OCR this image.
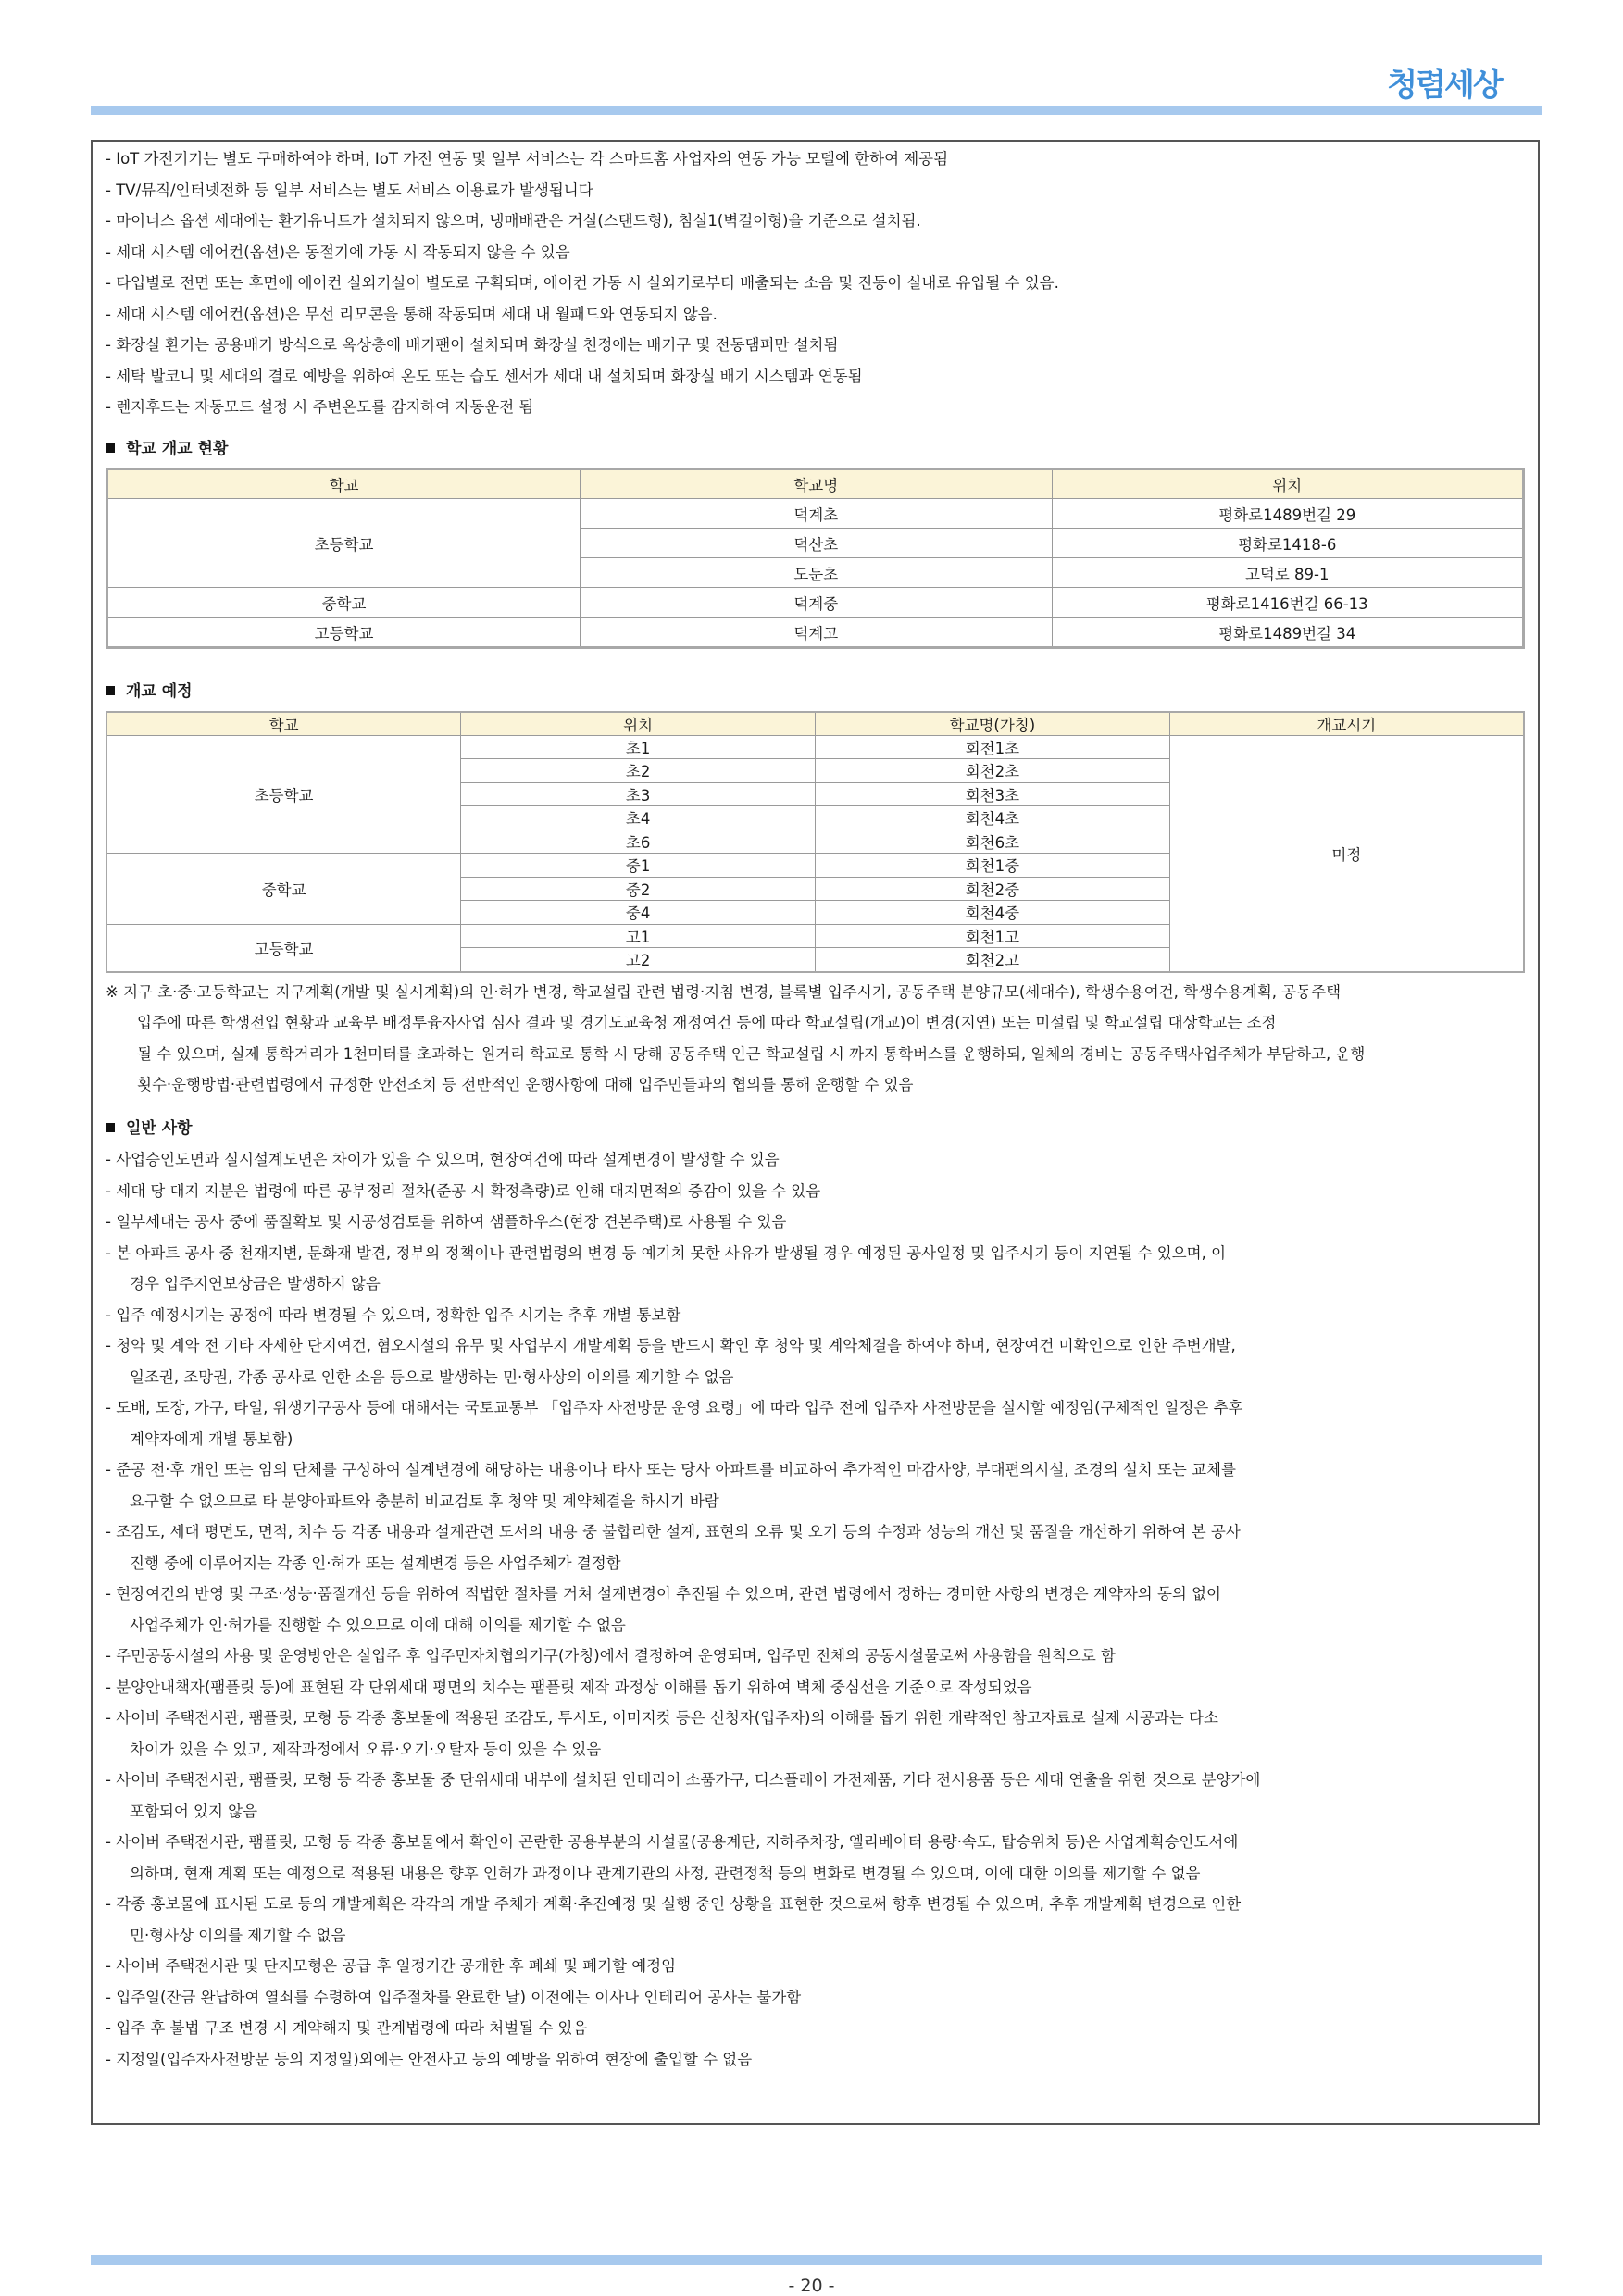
청렴세상
- IoT 가전기기는 별도 구매하여야 하며, IoT 가전 연동 및 일부 서비스는 각 스마트홈 사업자의 연동 가능 모델에 한하여 제공됨
- TV/뮤직/인터넷전화 등 일부 서비스는 별도 서비스 이용료가 발생됩니다
- 마이너스 옵션 세대에는 환기유니트가 설치되지 않으며, 냉매배관은 거실(스탠드형), 침실1(벽걸이형)을 기준으로 설치됨.
- 세대 시스템 에어컨(옵션)은 동절기에 가동 시 작동되지 않을 수 있음
- 타입별로 전면 또는 후면에 에어컨 실외기실이 별도로 구획되며, 에어컨 가동 시 실외기로부터 배출되는 소음 및 진동이 실내로 유입될 수 있음.
- 세대 시스템 에어컨(옵션)은 무선 리모콘을 통해 작동되며 세대 내 월패드와 연동되지 않음.
- 화장실 환기는 공용배기 방식으로 옥상층에 배기팬이 설치되며 화장실 천정에는 배기구 및 전동댐퍼만 설치됨
- 세탁 발코니 및 세대의 결로 예방을 위하여 온도 또는 습도 센서가 세대 내 설치되며 화장실 배기 시스템과 연동됨
- 렌지후드는 자동모드 설정 시 주변온도를 감지하여 자동운전 됨
학교 개교 현황
학교	학교명	위치
초등학교	덕계초	평화로1489번길 29
	덕산초	평화로1418-6
	도둔초	고덕로 89-1
중학교	덕계중	평화로1416번길 66-13
고등학교	덕계고	평화로1489번길 34
개교 예정
학교	위치	학교명(가칭)	개교시기
초등학교	초1	회천1초	미정
	초2	회천2초	
	초3	회천3초	
	초4	회천4초	
	초6	회천6초	
중학교	중1	회천1중	
	중2	회천2중	
	중4	회천4중	
고등학교	고1	회천1고	
	고2	회천2고	
※ 지구 초·중·고등학교는 지구계획(개발 및 실시계획)의 인·허가 변경, 학교설립 관련 법령·지침 변경, 블록별 입주시기, 공동주택 분양규모(세대수), 학생수용여건, 학생수용계획, 공동주택
입주에 따른 학생전입 현황과 교육부 배정투융자사업 심사 결과 및 경기도교육청 재정여건 등에 따라 학교설립(개교)이 변경(지연) 또는 미설립 및 학교설립 대상학교는 조정
될 수 있으며, 실제 통학거리가 1천미터를 초과하는 원거리 학교로 통학 시 당해 공동주택 인근 학교설립 시 까지 통학버스를 운행하되, 일체의 경비는 공동주택사업주체가 부담하고, 운행
횟수·운행방법·관련법령에서 규정한 안전조치 등 전반적인 운행사항에 대해 입주민들과의 협의를 통해 운행할 수 있음
일반 사항
- 사업승인도면과 실시설계도면은 차이가 있을 수 있으며, 현장여건에 따라 설계변경이 발생할 수 있음
- 세대 당 대지 지분은 법령에 따른 공부정리 절차(준공 시 확정측량)로 인해 대지면적의 증감이 있을 수 있음
- 일부세대는 공사 중에 품질확보 및 시공성검토를 위하여 샘플하우스(현장 견본주택)로 사용될 수 있음
- 본 아파트 공사 중 천재지변, 문화재 발견, 정부의 정책이나 관련법령의 변경 등 예기치 못한 사유가 발생될 경우 예정된 공사일정 및 입주시기 등이 지연될 수 있으며, 이
경우 입주지연보상금은 발생하지 않음
- 입주 예정시기는 공정에 따라 변경될 수 있으며, 정확한 입주 시기는 추후 개별 통보함
- 청약 및 계약 전 기타 자세한 단지여건, 혐오시설의 유무 및 사업부지 개발계획 등을 반드시 확인 후 청약 및 계약체결을 하여야 하며, 현장여건 미확인으로 인한 주변개발,
일조권, 조망권, 각종 공사로 인한 소음 등으로 발생하는 민·형사상의 이의를 제기할 수 없음
- 도배, 도장, 가구, 타일, 위생기구공사 등에 대해서는 국토교통부 「입주자 사전방문 운영 요령」에 따라 입주 전에 입주자 사전방문을 실시할 예정임(구체적인 일정은 추후
계약자에게 개별 통보함)
- 준공 전·후 개인 또는 임의 단체를 구성하여 설계변경에 해당하는 내용이나 타사 또는 당사 아파트를 비교하여 추가적인 마감사양, 부대편의시설, 조경의 설치 또는 교체를
요구할 수 없으므로 타 분양아파트와 충분히 비교검토 후 청약 및 계약체결을 하시기 바람
- 조감도, 세대 평면도, 면적, 치수 등 각종 내용과 설계관련 도서의 내용 중 불합리한 설계, 표현의 오류 및 오기 등의 수정과 성능의 개선 및 품질을 개선하기 위하여 본 공사
진행 중에 이루어지는 각종 인·허가 또는 설계변경 등은 사업주체가 결정함
- 현장여건의 반영 및 구조·성능·품질개선 등을 위하여 적법한 절차를 거쳐 설계변경이 추진될 수 있으며, 관련 법령에서 정하는 경미한 사항의 변경은 계약자의 동의 없이
사업주체가 인·허가를 진행할 수 있으므로 이에 대해 이의를 제기할 수 없음
- 주민공동시설의 사용 및 운영방안은 실입주 후 입주민자치협의기구(가칭)에서 결정하여 운영되며, 입주민 전체의 공동시설물로써 사용함을 원칙으로 함
- 분양안내책자(팸플릿 등)에 표현된 각 단위세대 평면의 치수는 팸플릿 제작 과정상 이해를 돕기 위하여 벽체 중심선을 기준으로 작성되었음
- 사이버 주택전시관, 팸플릿, 모형 등 각종 홍보물에 적용된 조감도, 투시도, 이미지컷 등은 신청자(입주자)의 이해를 돕기 위한 개략적인 참고자료로 실제 시공과는 다소
차이가 있을 수 있고, 제작과정에서 오류·오기·오탈자 등이 있을 수 있음
- 사이버 주택전시관, 팸플릿, 모형 등 각종 홍보물 중 단위세대 내부에 설치된 인테리어 소품가구, 디스플레이 가전제품, 기타 전시용품 등은 세대 연출을 위한 것으로 분양가에
포함되어 있지 않음
- 사이버 주택전시관, 팸플릿, 모형 등 각종 홍보물에서 확인이 곤란한 공용부분의 시설물(공용계단, 지하주차장, 엘리베이터 용량·속도, 탑승위치 등)은 사업계획승인도서에
의하며, 현재 계획 또는 예정으로 적용된 내용은 향후 인허가 과정이나 관계기관의 사정, 관련정책 등의 변화로 변경될 수 있으며, 이에 대한 이의를 제기할 수 없음
- 각종 홍보물에 표시된 도로 등의 개발계획은 각각의 개발 주체가 계획·추진예정 및 실행 중인 상황을 표현한 것으로써 향후 변경될 수 있으며, 추후 개발계획 변경으로 인한
민·형사상 이의를 제기할 수 없음
- 사이버 주택전시관 및 단지모형은 공급 후 일정기간 공개한 후 폐쇄 및 폐기할 예정임
- 입주일(잔금 완납하여 열쇠를 수령하여 입주절차를 완료한 날) 이전에는 이사나 인테리어 공사는 불가함
- 입주 후 불법 구조 변경 시 계약해지 및 관계법령에 따라 처벌될 수 있음
- 지정일(입주자사전방문 등의 지정일)외에는 안전사고 등의 예방을 위하여 현장에 출입할 수 없음
- 20 -
